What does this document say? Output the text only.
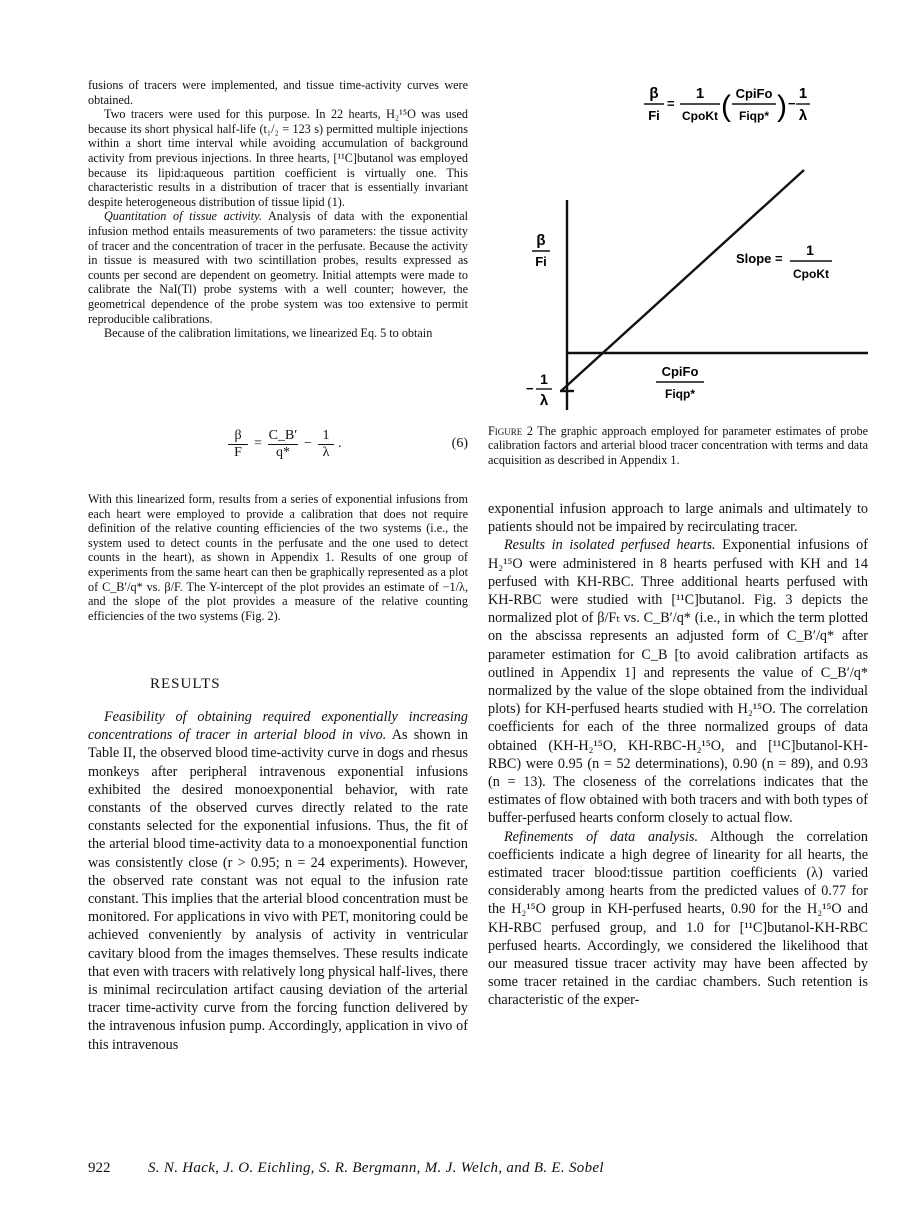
fusions of tracers were implemented, and tissue time-activity curves were obtained.

Two tracers were used for this purpose. In 22 hearts, H₂¹⁵O was used because its short physical half-life (t₁/₂ = 123 s) permitted multiple injections within a short time interval while avoiding accumulation of background activity from previous injections. In three hearts, [¹¹C]butanol was employed because its lipid:aqueous partition coefficient is virtually one. This characteristic results in a distribution of tracer that is essentially invariant despite heterogeneous distribution of tissue lipid (1).

Quantitation of tissue activity. Analysis of data with the exponential infusion method entails measurements of two parameters: the tissue activity of tracer and the concentration of tracer in the perfusate. Because the activity in tissue is measured with two scintillation probes, results expressed as counts per second are dependent on geometry. Initial attempts were made to calibrate the NaI(Tl) probe systems with a well counter; however, the geometrical dependence of the probe system was too extensive to permit reproducible calibrations.

Because of the calibration limitations, we linearized Eq. 5 to obtain

$\frac{\beta}{F} = \frac{C\_B'}{q*} - \frac{1}{\lambda}$ .	(6)

With this linearized form, results from a series of exponential infusions from each heart were employed to provide a calibration that does not require definition of the relative counting efficiencies of the two systems (i.e., the system used to detect counts in the perfusate and the one used to detect counts in the heart), as shown in Appendix 1. Results of one group of experiments from the same heart can then be graphically represented as a plot of C_B′/q* vs. β/F. The Y-intercept of the plot provides an estimate of −1/λ, and the slope of the plot provides a measure of the relative counting efficiencies of the two systems (Fig. 2).

RESULTS

Feasibility of obtaining required exponentially increasing concentrations of tracer in arterial blood in vivo. As shown in Table II, the observed blood time-activity curve in dogs and rhesus monkeys after peripheral intravenous exponential infusions exhibited the desired monoexponential behavior, with rate constants of the observed curves directly related to the rate constants selected for the exponential infusions. Thus, the fit of the arterial blood time-activity data to a monoexponential function was consistently close (r > 0.95; n = 24 experiments). However, the observed rate constant was not equal to the infusion rate constant. This implies that the arterial blood concentration must be monitored. For applications in vivo with PET, monitoring could be achieved conveniently by analysis of activity in ventricular cavitary blood from the images themselves. These results indicate that even with tracers with relatively long physical half-lives, there is minimal recirculation artifact causing deviation of the arterial tracer time-activity curve from the forcing function delivered by the intravenous infusion pump. Accordingly, application in vivo of this intravenous

β
Fi
=
1
CpoKt ( CpiFo
Fiqp* ) −
1
λ
β
Fi	Slope =
1
CpoKt
CpiFo
Fiqp*
−
1
λ
Figure 2 The graphic approach employed for parameter estimates of probe calibration factors and arterial blood tracer concentration with terms and data acquisition as described in Appendix 1.

exponential infusion approach to large animals and ultimately to patients should not be impaired by recirculating tracer.

Results in isolated perfused hearts. Exponential infusions of H₂¹⁵O were administered in 8 hearts perfused with KH and 14 perfused with KH-RBC. Three additional hearts perfused with KH-RBC were studied with [¹¹C]butanol. Fig. 3 depicts the normalized plot of β/Fₜ vs. C_B′/q* (i.e., in which the term plotted on the abscissa represents an adjusted form of C_B′/q* after parameter estimation for C_B [to avoid calibration artifacts as outlined in Appendix 1] and represents the value of C_B′/q* normalized by the value of the slope obtained from the individual plots) for KH-perfused hearts studied with H₂¹⁵O. The correlation coefficients for each of the three normalized groups of data obtained (KH-H₂¹⁵O, KH-RBC-H₂¹⁵O, and [¹¹C]butanol-KH-RBC) were 0.95 (n = 52 determinations), 0.90 (n = 89), and 0.93 (n = 13). The closeness of the correlations indicates that the estimates of flow obtained with both tracers and with both types of buffer-perfused hearts conform closely to actual flow.

Refinements of data analysis. Although the correlation coefficients indicate a high degree of linearity for all hearts, the estimated tracer blood:tissue partition coefficients (λ) varied considerably among hearts from the predicted values of 0.77 for the H₂¹⁵O group in KH-perfused hearts, 0.90 for the H₂¹⁵O and KH-RBC perfused group, and 1.0 for [¹¹C]butanol-KH-RBC perfused hearts. Accordingly, we considered the likelihood that our measured tissue tracer activity may have been affected by some tracer retained in the cardiac chambers. Such retention is characteristic of the exper-

922	S. N. Hack, J. O. Eichling, S. R. Bergmann, M. J. Welch, and B. E. Sobel
